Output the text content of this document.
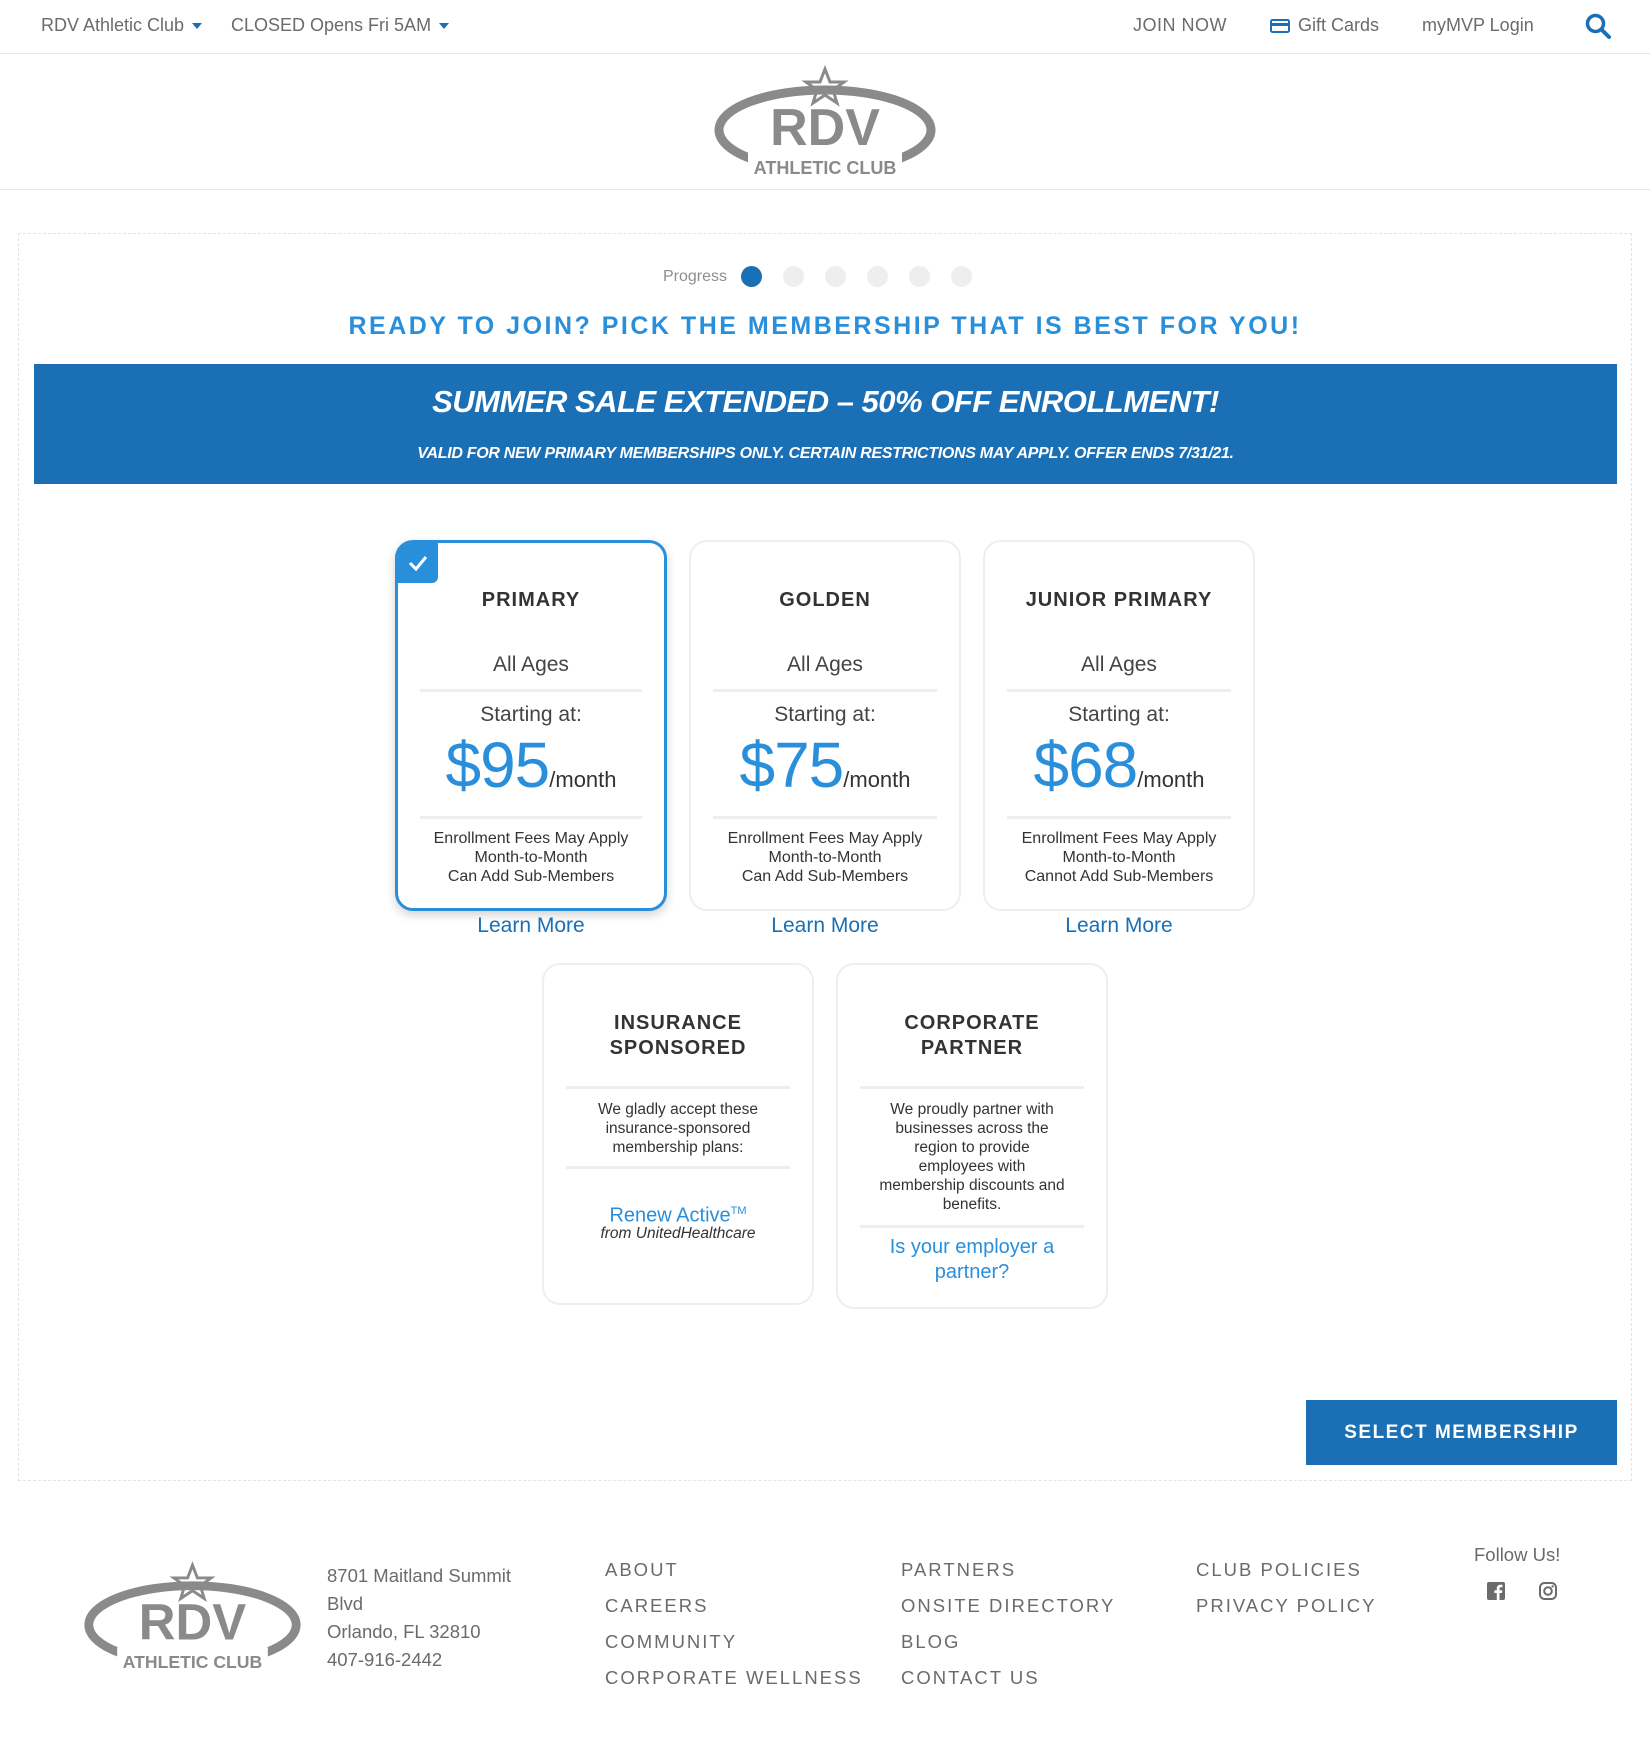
RDV Athletic Club	CLOSED Opens Fri 5AM	JOIN NOW	Gift Cards myMVP Login
RDV
ATHLETIC CLUB
Progress
READY TO JOIN? PICK THE MEMBERSHIP THAT IS BEST FOR YOU!
SUMMER SALE EXTENDED – 50% OFF ENROLLMENT!
VALID FOR NEW PRIMARY MEMBERSHIPS ONLY. CERTAIN RESTRICTIONS MAY APPLY. OFFER ENDS 7/31/21.
PRIMARY
All Ages
Starting at:
$95 /month
Enrollment Fees May Apply
Month-to-Month
Can Add Sub-Members
Learn More
GOLDEN
All Ages
Starting at:
$75 /month
Enrollment Fees May Apply
Month-to-Month
Can Add Sub-Members
Learn More
JUNIOR PRIMARY
All Ages
Starting at:
$68 /month
Enrollment Fees May Apply
Month-to-Month
Cannot Add Sub-Members
Learn More
INSURANCE
SPONSORED
We gladly accept these
insurance-sponsored
membership plans:
Renew Active™
from UnitedHealthcare
CORPORATE
PARTNER
We proudly partner with
businesses across the
region to provide
employees with
membership discounts and
benefits.
Is your employer a
partner?
SELECT MEMBERSHIP
RDV
ATHLETIC CLUB
8701 Maitland Summit
Blvd
Orlando, FL 32810
407-916-2442
ABOUT
CAREERS
COMMUNITY
CORPORATE WELLNESS
PARTNERS
ONSITE DIRECTORY
BLOG
CONTACT US
CLUB POLICIES
PRIVACY POLICY
Follow Us!
